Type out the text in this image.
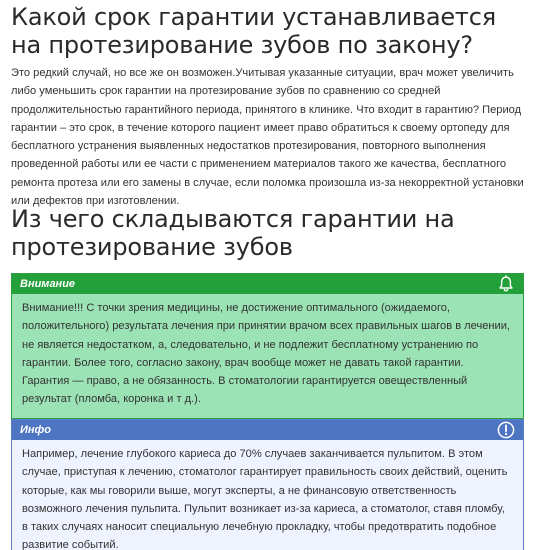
Какой срок гарантии устанавливается на протезирование зубов по закону?

Это редкий случай, но все же он возможен.Учитывая указанные ситуации, врач может увеличить либо уменьшить срок гарантии на протезирование зубов по сравнению со средней продолжительностью гарантийного периода, принятого в клинике. Что входит в гарантию? Период гарантии – это срок, в течение которого пациент имеет право обратиться к своему ортопеду для бесплатного устранения выявленных недостатков протезирования, повторного выполнения проведенной работы или ее части с применением материалов такого же качества, бесплатного ремонта протеза или его замены в случае, если поломка произошла из-за некорректной установки или дефектов при изготовлении.

Из чего складываются гарантии на протезирование зубов
Внимание
Внимание!!! С точки зрения медицины, не достижение оптимального (ожидаемого, положительного) результата лечения при принятии врачом всех правильных шагов в лечении, не является недостатком, а, следовательно, и не подлежит бесплатному устранению по гарантии. Более того, согласно закону, врач вообще может не давать такой гарантии. Гарантия — право, а не обязанность. В стоматологии гарантируется овеществленный результат (пломба, коронка и т д.).
Инфо
Например, лечение глубокого кариеса до 70% случаев заканчивается пульпитом. В этом случае, приступая к лечению, стоматолог гарантирует правильность своих действий, оценить которые, как мы говорили выше, могут эксперты, а не финансовую ответственность возможного лечения пульпита. Пульпит возникает из-за кариеса, а стоматолог, ставя пломбу, в таких случаях наносит специальную лечебную прокладку, чтобы предотвратить подобное развитие событий.
